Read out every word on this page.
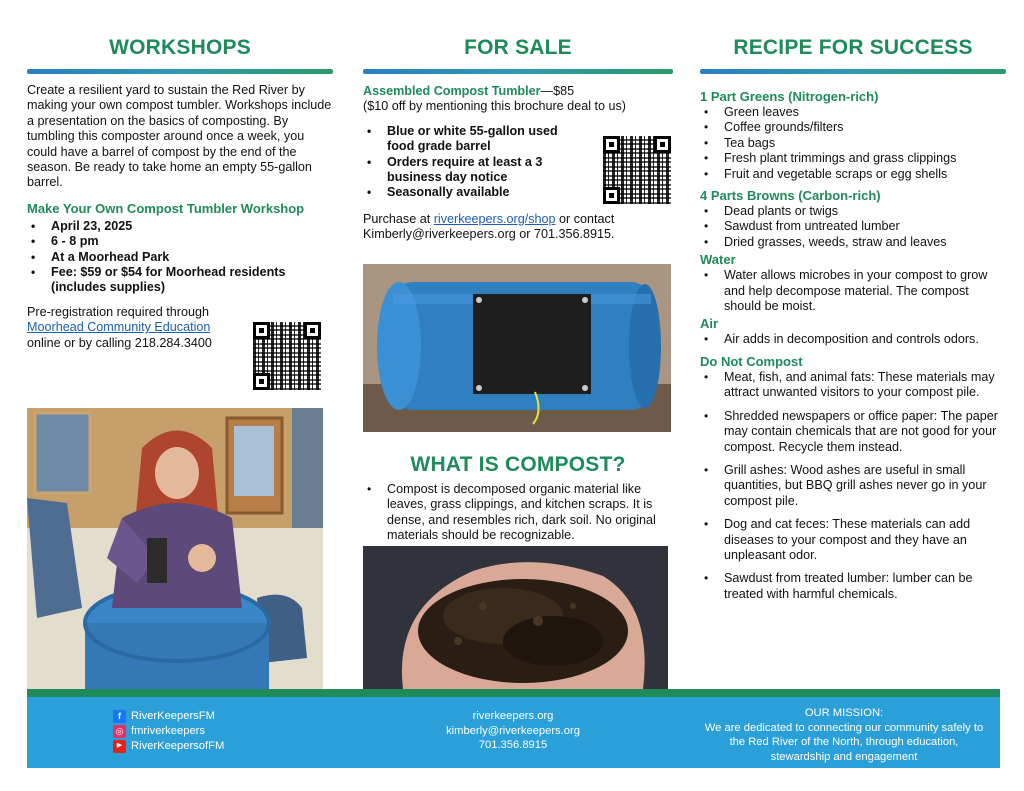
WORKSHOPS

Create a resilient yard to sustain the Red River by making your own compost tumbler. Workshops include a presentation on the basics of composting. By tumbling this composter around once a week, you could have a barrel of compost by the end of the season. Be ready to take home an empty 55-gallon barrel.

Make Your Own Compost Tumbler Workshop
• April 23, 2025
• 6 - 8 pm
• At a Moorhead Park
• Fee: $59 or $54 for Moorhead residents (includes supplies)
Pre-registration required through
Moorhead Community Education
online or by calling 218.284.3400
FOR SALE
Assembled Compost Tumbler—$85

($10 off by mentioning this brochure deal to us)

• Blue or white 55-gallon used food grade barrel
• Orders require at least a 3 business day notice
• Seasonally available

Purchase at riverkeepers.org/shop or contact Kimberly@riverkeepers.org or 701.356.8915.

WHAT IS COMPOST?
• Compost is decomposed organic material like leaves, grass clippings, and kitchen scraps. It is dense, and resembles rich, dark soil. No original materials should be recognizable.
RECIPE FOR SUCCESS
1 Part Greens (Nitrogen-rich)
• Green leaves
• Coffee grounds/filters
• Tea bags
• Fresh plant trimmings and grass clippings
• Fruit and vegetable scraps or egg shells
4 Parts Browns (Carbon-rich)
• Dead plants or twigs
• Sawdust from untreated lumber
• Dried grasses, weeds, straw and leaves
Water
• Water allows microbes in your compost to grow and help decompose material. The compost should be moist.
Air
• Air adds in decomposition and controls odors.
Do Not Compost
• Meat, fish, and animal fats: These materials may attract unwanted visitors to your compost pile.
• Shredded newspapers or office paper: The paper may contain chemicals that are not good for your compost. Recycle them instead.
• Grill ashes: Wood ashes are useful in small quantities, but BBQ grill ashes never go in your compost pile.
• Dog and cat feces: These materials can add diseases to your compost and they have an unpleasant odor.
• Sawdust from treated lumber: lumber can be treated with harmful chemicals.
f RiverKeepersFM
◎ fmriverkeepers
▶ RiverKeepersofFM
riverkeepers.org
kimberly@riverkeepers.org
701.356.8915
OUR MISSION:
We are dedicated to connecting our community safely to the Red River of the North, through education, stewardship and engagement
